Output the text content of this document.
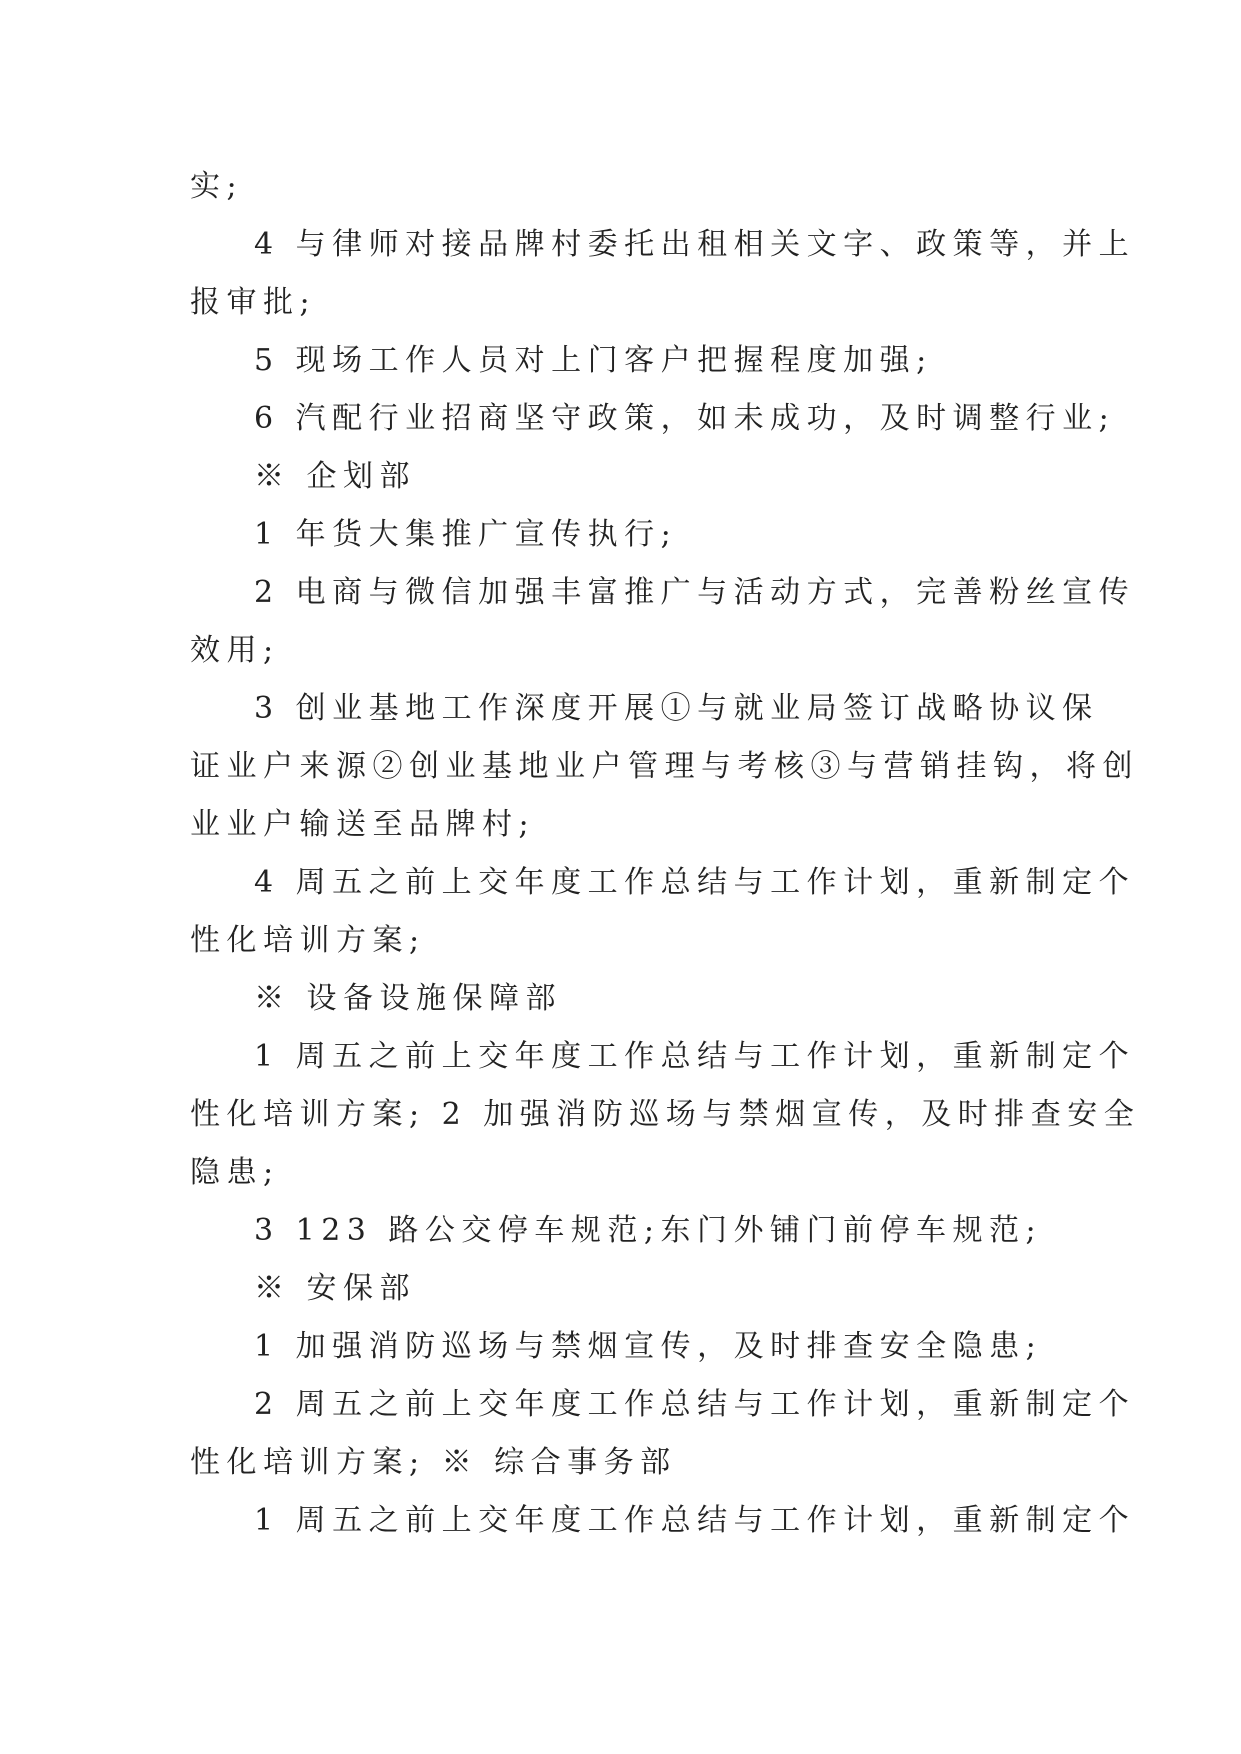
实;
4 与律师对接品牌村委托出租相关文字、政策等，并上
报审批;
5 现场工作人员对上门客户把握程度加强;
6 汽配行业招商坚守政策，如未成功，及时调整行业;
※ 企划部
1 年货大集推广宣传执行;
2 电商与微信加强丰富推广与活动方式，完善粉丝宣传
效用;
3 创业基地工作深度开展①与就业局签订战略协议保
证业户来源②创业基地业户管理与考核③与营销挂钩，将创
业业户输送至品牌村;
4 周五之前上交年度工作总结与工作计划，重新制定个
性化培训方案;
※ 设备设施保障部
1 周五之前上交年度工作总结与工作计划，重新制定个
性化培训方案; 2 加强消防巡场与禁烟宣传，及时排查安全
隐患;
3 123 路公交停车规范;东门外铺门前停车规范;
※ 安保部
1 加强消防巡场与禁烟宣传，及时排查安全隐患;
2 周五之前上交年度工作总结与工作计划，重新制定个
性化培训方案; ※ 综合事务部
1 周五之前上交年度工作总结与工作计划，重新制定个
